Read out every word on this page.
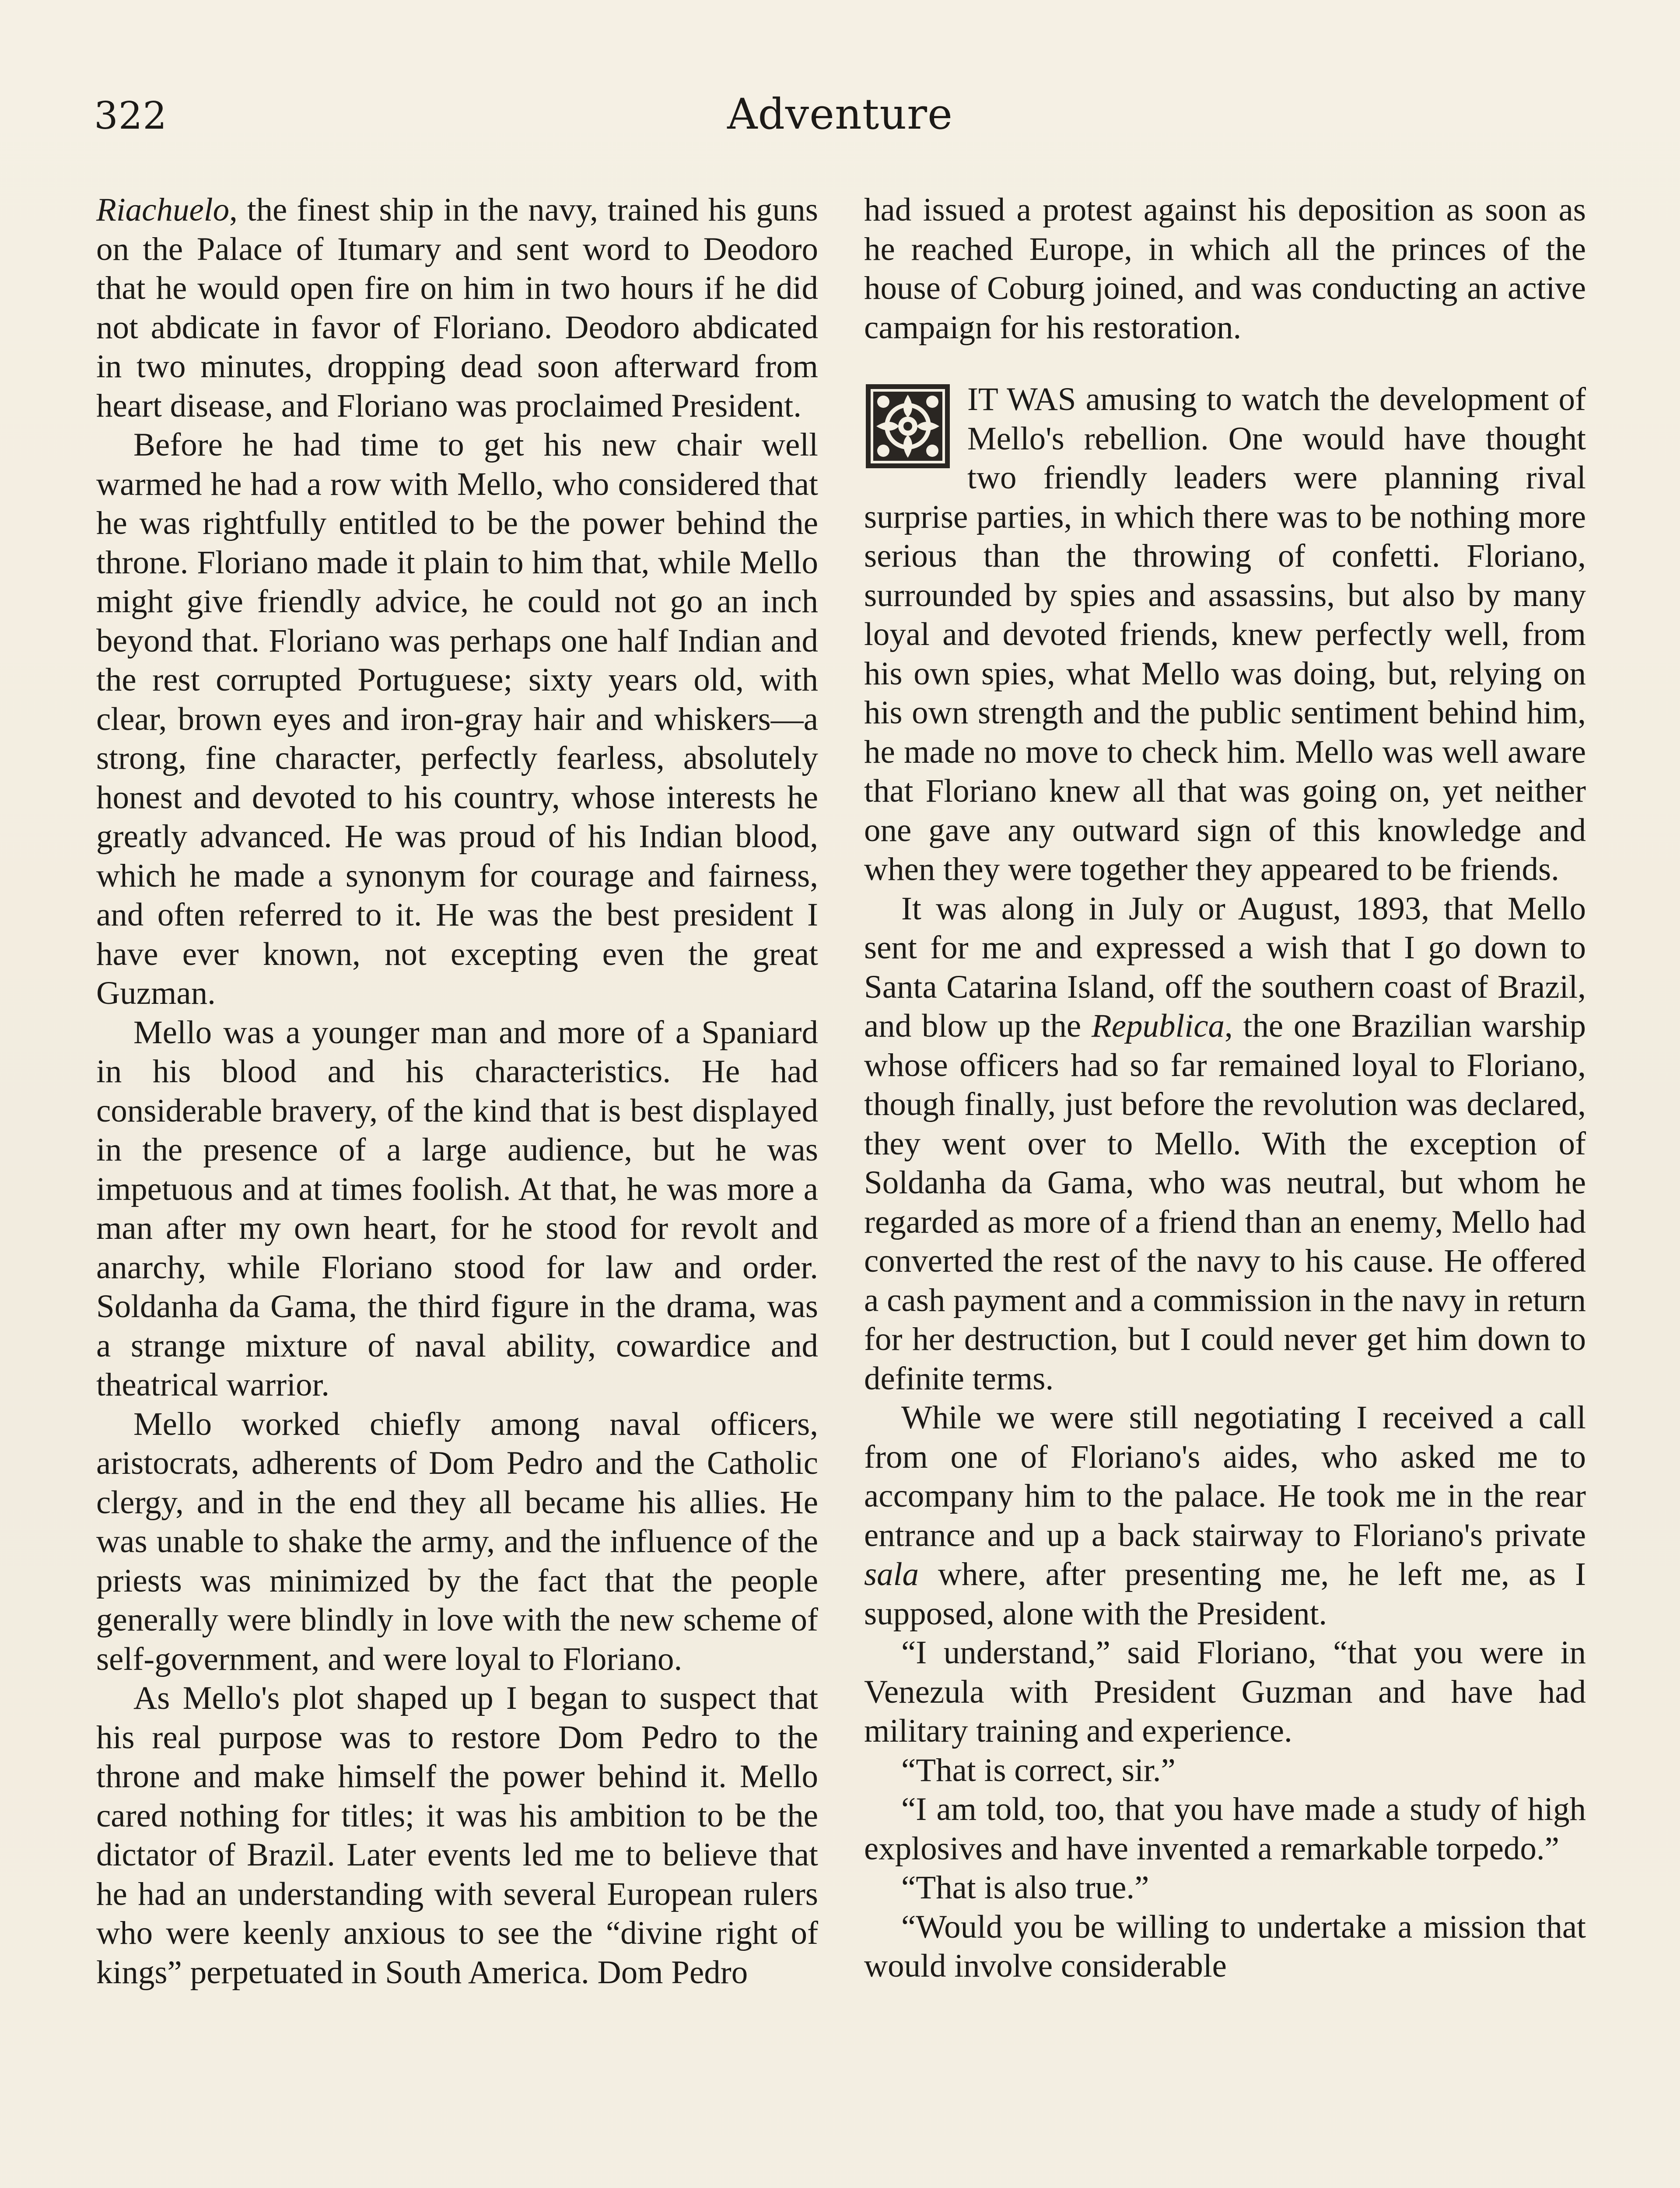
322	Adventure

Riachuelo, the finest ship in the navy, trained his guns on the Palace of Itumary and sent word to Deodoro that he would open fire on him in two hours if he did not abdicate in favor of Floriano. Deodoro abdicated in two minutes, dropping dead soon afterward from heart disease, and Floriano was proclaimed President.

Before he had time to get his new chair well warmed he had a row with Mello, who considered that he was rightfully entitled to be the power behind the throne. Floriano made it plain to him that, while Mello might give friendly advice, he could not go an inch beyond that. Floriano was perhaps one half Indian and the rest corrupted Portuguese; sixty years old, with clear, brown eyes and iron-gray hair and whiskers—a strong, fine character, perfectly fearless, absolutely honest and devoted to his country, whose interests he greatly advanced. He was proud of his Indian blood, which he made a synonym for courage and fairness, and often referred to it. He was the best president I have ever known, not excepting even the great Guzman.

Mello was a younger man and more of a Spaniard in his blood and his characteristics. He had considerable bravery, of the kind that is best displayed in the presence of a large audience, but he was impetuous and at times foolish. At that, he was more a man after my own heart, for he stood for revolt and anarchy, while Floriano stood for law and order. Soldanha da Gama, the third figure in the drama, was a strange mixture of naval ability, cowardice and theatrical warrior.

Mello worked chiefly among naval officers, aristocrats, adherents of Dom Pedro and the Catholic clergy, and in the end they all became his allies. He was unable to shake the army, and the influence of the priests was minimized by the fact that the people generally were blindly in love with the new scheme of self-government, and were loyal to Floriano.

As Mello's plot shaped up I began to suspect that his real purpose was to restore Dom Pedro to the throne and make himself the power behind it. Mello cared nothing for titles; it was his ambition to be the dictator of Brazil. Later events led me to believe that he had an understanding with several European rulers who were keenly anxious to see the “divine right of kings” perpetuated in South America. Dom Pedro

had issued a protest against his deposition as soon as he reached Europe, in which all the princes of the house of Coburg joined, and was conducting an active campaign for his restoration.

IT WAS amusing to watch the development of Mello's rebellion. One would have thought two friendly leaders were planning rival surprise parties, in which there was to be nothing more serious than the throwing of confetti. Floriano, surrounded by spies and assassins, but also by many loyal and devoted friends, knew perfectly well, from his own spies, what Mello was doing, but, relying on his own strength and the public sentiment behind him, he made no move to check him. Mello was well aware that Floriano knew all that was going on, yet neither one gave any outward sign of this knowledge and when they were together they appeared to be friends.

It was along in July or August, 1893, that Mello sent for me and expressed a wish that I go down to Santa Catarina Island, off the southern coast of Brazil, and blow up the Republica, the one Brazilian warship whose officers had so far remained loyal to Floriano, though finally, just before the revolution was declared, they went over to Mello. With the exception of Soldanha da Gama, who was neutral, but whom he regarded as more of a friend than an enemy, Mello had converted the rest of the navy to his cause. He offered a cash payment and a commission in the navy in return for her destruction, but I could never get him down to definite terms.

While we were still negotiating I received a call from one of Floriano's aides, who asked me to accompany him to the palace. He took me in the rear entrance and up a back stairway to Floriano's private sala where, after presenting me, he left me, as I supposed, alone with the President.

“I understand,” said Floriano, “that you were in Venezula with President Guzman and have had military training and experience.

“That is correct, sir.”

“I am told, too, that you have made a study of high explosives and have invented a remarkable torpedo.”

“That is also true.”

“Would you be willing to undertake a mission that would involve considerable
